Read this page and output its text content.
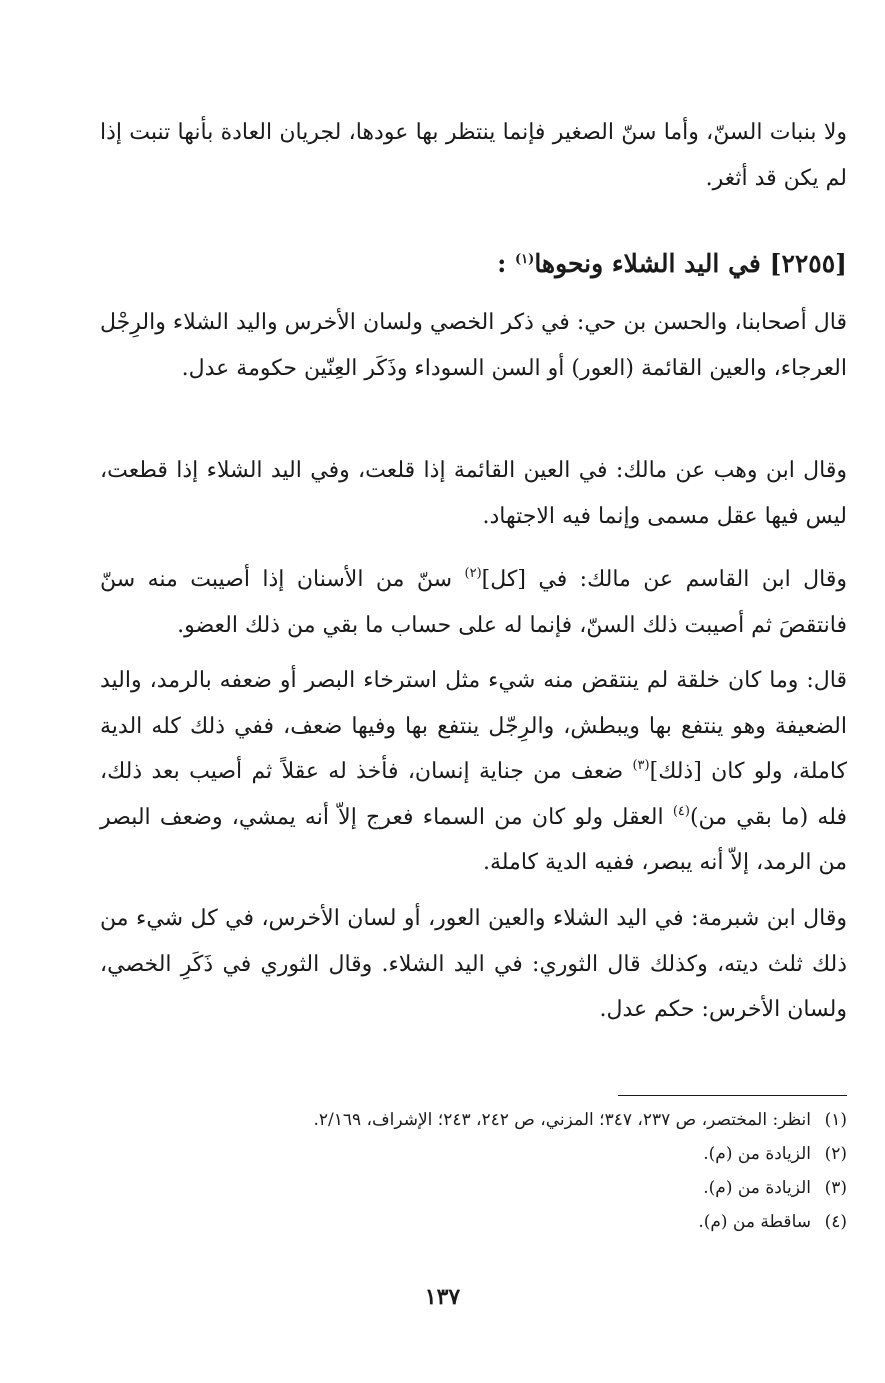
ولا بنبات السنّ، وأما سنّ الصغير فإنما ينتظر بها عودها، لجريان العادة بأنها تنبت إذا لم يكن قد أثغر.

[٢٢٥٥] في اليد الشلاء ونحوها$^{(١)}$ :

قال أصحابنا، والحسن بن حي: في ذكر الخصي ولسان الأخرس واليد الشلاء والرِجْل العرجاء، والعين القائمة (العور) أو السن السوداء وذَكَر العِنّين حكومة عدل.

وقال ابن وهب عن مالك: في العين القائمة إذا قلعت، وفي اليد الشلاء إذا قطعت، ليس فيها عقل مسمى وإنما فيه الاجتهاد.

وقال ابن القاسم عن مالك: في [كل]$^{(٢)}$ سنّ من الأسنان إذا أصيبت منه سنّ فانتقصَ ثم أصيبت ذلك السنّ، فإنما له على حساب ما بقي من ذلك العضو.

قال: وما كان خلقة لم ينتقض منه شيء مثل استرخاء البصر أو ضعفه بالرمد، واليد الضعيفة وهو ينتفع بها ويبطش، والرِجّل ينتفع بها وفيها ضعف، ففي ذلك كله الدية كاملة، ولو كان [ذلك]$^{(٣)}$ ضعف من جناية إنسان، فأخذ له عقلاً ثم أصيب بعد ذلك، فله (ما بقي من)$^{(٤)}$ العقل ولو كان من السماء فعرج إلاّ أنه يمشي، وضعف البصر من الرمد، إلاّ أنه يبصر، ففيه الدية كاملة.

وقال ابن شبرمة: في اليد الشلاء والعين العور، أو لسان الأخرس، في كل شيء من ذلك ثلث ديته، وكذلك قال الثوري: في اليد الشلاء. وقال الثوري في ذَكَرِ الخصي، ولسان الأخرس: حكم عدل.

(١)انظر: المختصر، ص ٢٣٧، ٣٤٧؛ المزني، ص ٢٤٢، ٢٤٣؛ الإشراف، ٢/١٦٩.
(٢)الزيادة من (م).
(٣)الزيادة من (م).
(٤)ساقطة من (م).
١٣٧
